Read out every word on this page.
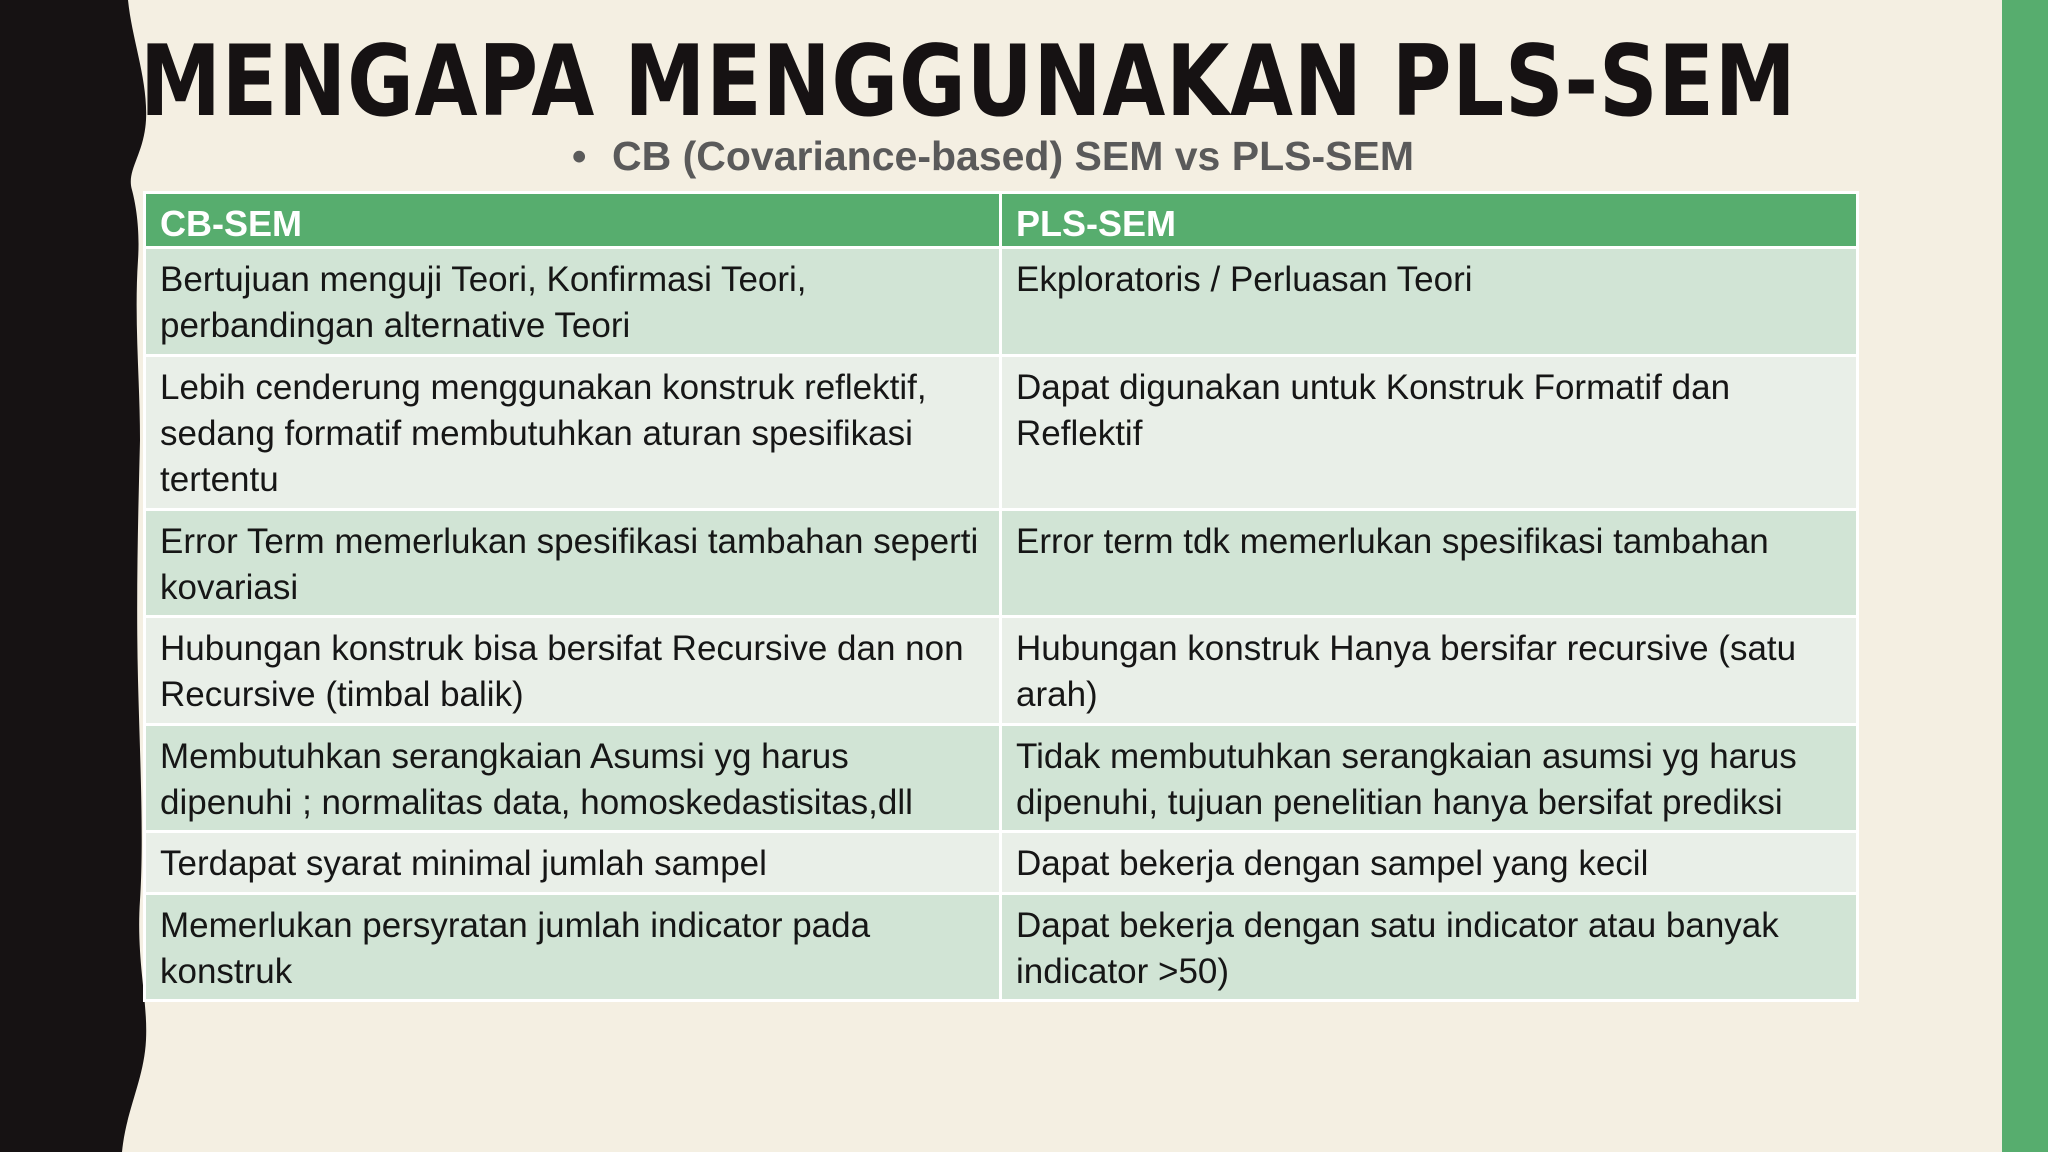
MENGAPA MENGGUNAKAN PLS-SEM
• CB (Covariance-based) SEM vs PLS-SEM
CB-SEM	PLS-SEM
Bertujuan menguji Teori, Konfirmasi Teori, perbandingan alternative Teori	Ekploratoris / Perluasan Teori
Lebih cenderung menggunakan konstruk reflektif, sedang formatif membutuhkan aturan spesifikasi tertentu	Dapat digunakan untuk Konstruk Formatif dan Reflektif
Error Term memerlukan spesifikasi tambahan seperti kovariasi	Error term tdk memerlukan spesifikasi tambahan
Hubungan konstruk bisa bersifat Recursive dan non Recursive (timbal balik)	Hubungan konstruk Hanya bersifar recursive (satu arah)
Membutuhkan serangkaian Asumsi yg harus dipenuhi ; normalitas data, homoskedastisitas,dll	Tidak membutuhkan serangkaian asumsi yg harus dipenuhi, tujuan penelitian hanya bersifat prediksi
Terdapat syarat minimal jumlah sampel	Dapat bekerja dengan sampel yang kecil
Memerlukan persyratan jumlah indicator pada konstruk	Dapat bekerja dengan satu indicator atau banyak indicator >50)
